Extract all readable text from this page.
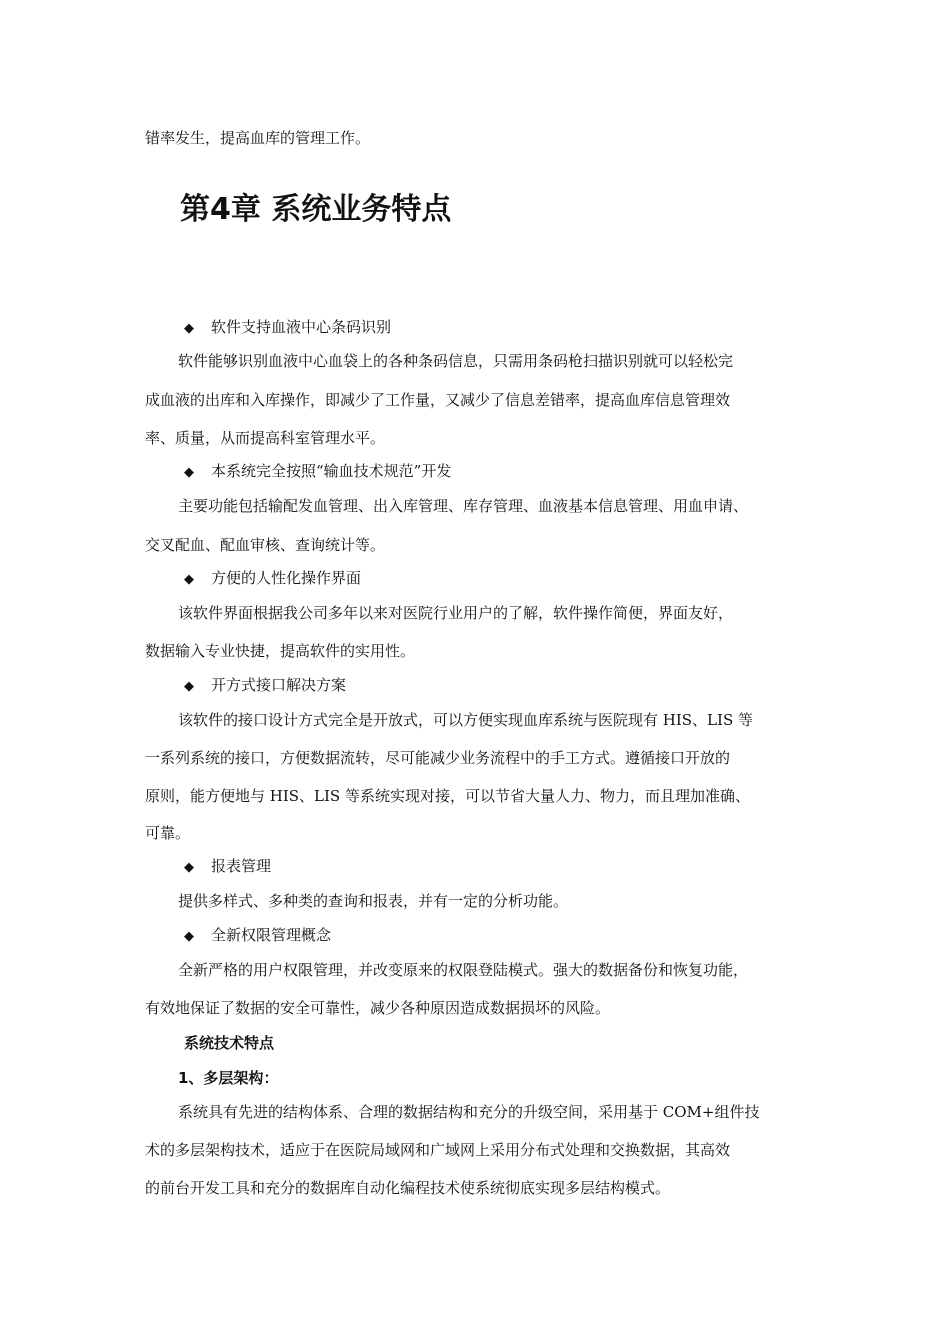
错率发生，提高血库的管理工作。
第4章 系统业务特点
◆ 软件支持血液中心条码识别
软件能够识别血液中心血袋上的各种条码信息，只需用条码枪扫描识别就可以轻松完
成血液的出库和入库操作，即减少了工作量，又减少了信息差错率，提高血库信息管理效
率、质量，从而提高科室管理水平。
◆ 本系统完全按照“输血技术规范”开发
主要功能包括输配发血管理、出入库管理、库存管理、血液基本信息管理、用血申请、
交叉配血、配血审核、查询统计等。
◆ 方便的人性化操作界面
该软件界面根据我公司多年以来对医院行业用户的了解，软件操作简便，界面友好，
数据输入专业快捷，提高软件的实用性。
◆ 开方式接口解决方案
该软件的接口设计方式完全是开放式，可以方便实现血库系统与医院现有 HIS、LIS 等
一系列系统的接口，方便数据流转，尽可能减少业务流程中的手工方式。遵循接口开放的
原则，能方便地与 HIS、LIS 等系统实现对接，可以节省大量人力、物力，而且理加准确、
可靠。
◆ 报表管理
提供多样式、多种类的查询和报表，并有一定的分析功能。
◆ 全新权限管理概念
全新严格的用户权限管理，并改变原来的权限登陆模式。强大的数据备份和恢复功能，
有效地保证了数据的安全可靠性，减少各种原因造成数据损坏的风险。
系统技术特点
1、多层架构：
系统具有先进的结构体系、合理的数据结构和充分的升级空间，采用基于 COM+组件技
术的多层架构技术，适应于在医院局域网和广域网上采用分布式处理和交换数据，其高效
的前台开发工具和充分的数据库自动化编程技术使系统彻底实现多层结构模式。
